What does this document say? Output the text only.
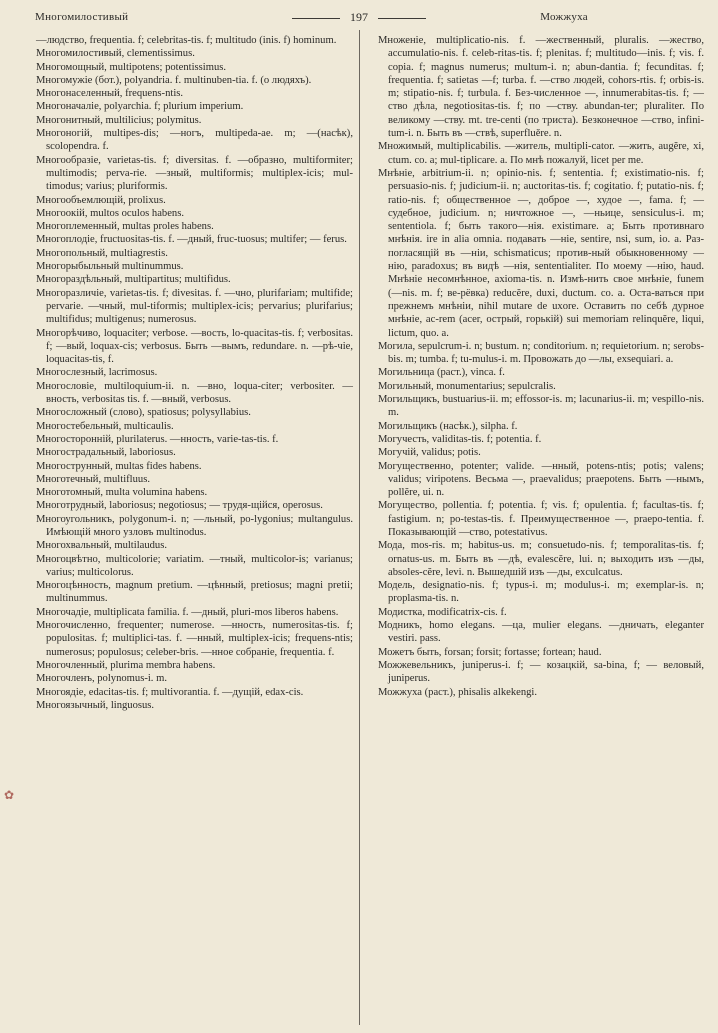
Многомилостивый	197	Можжуха

—людство, frequentia. f; celebritas-tis. f; multitudo (inis. f) hominum.

Многомилостивый, clementissimus.

Многомощный, multipotens; potentissimus.

Многомужіе (бот.), polyandria. f. multinuben-tia. f. (о людяхъ).

Многонаселенный, frequens-ntis.

Многоначаліе, polyarchia. f; plurium imperium.

Многонитный, multilicius; polymitus.

Многоногій, multipes-dis; —ногъ, multipeda-ae. m; —(насѣк), scolopendra. f.

Многообразіе, varietas-tis. f; diversitas. f. —образно, multiformiter; multimodis; perva-rie. —зный, multiformis; multiplex-icis; mul-timodus; varius; pluriformis.

Многообъемлющій, prolixus.

Многоокій, multos oculos habens.

Многоплеменный, multas proles habens.

Многоплодіе, fructuositas-tis. f. —дный, fruc-tuosus; multifer; — ferus.

Многопольный, multiagrestis.

Многорыбыльный multinummus.

Многораздѣльный, multipartitus; multifidus.

Многоразличіе, varietas-tis. f; divesitas. f. —чно, plurifariam; multifide; pervarie. —чный, mul-tiformis; multiplex-icis; pervarius; plurifarius; multifidus; multigenus; numerosus.

Многорѣчиво, loquaciter; verbose. —вость, lo-quacitas-tis. f; verbositas. f; —вый, loquax-cis; verbosus. Быть —вымъ, redundare. n. —рѣ-чіе, loquacitas-tis, f.

Многослезный, lacrimosus.

Многословіе, multiloquium-ii. n. —вно, loqua-citer; verbositer. —вность, verbositas tis. f. —вный, verbosus.

Многосложный (слово), spatiosus; polysyllabius.

Многостебельный, multicaulis.

Многосторонній, plurilaterus. —нность, varie-tas-tis. f.

Многострадальный, laboriosus.

Многострунный, multas fides habens.

Многотечный, multifluus.

Многотомный, multa volumina habens.

Многотрудный, laboriosus; negotiosus; — трудя-щійся, operosus.

Многоугольникъ, polygonum-i. n; —льный, po-lygonius; multangulus. Имѣющій много узловъ multinodus.

Многохвальный, multilaudus.

Многоцвѣтно, multicolorie; variatim. —тный, multicolor-is; varianus; varius; multicolorus.

Многоцѣнность, magnum pretium. —цѣнный, pretiosus; magni pretii; multinummus.

Многочадіе, multiplicata familia. f. —дный, pluri-mos liberos habens.

Многочисленно, frequenter; numerose. —нность, numerositas-tis. f; populositas. f; multiplici-tas. f. —нный, multiplex-icis; frequens-ntis; numerosus; populosus; celeber-bris. —нное собраніе, frequentia. f.

Многочленный, plurima membra habens.

Многочленъ, polynomus-i. m.

Многоядіе, edacitas-tis. f; multivorantia. f. —дущій, edax-cis.

Многоязычный, linguosus.

Множеніе, multiplicatio-nis. f. —жественный, pluralis. —жество, accumulatio-nis. f. celeb-ritas-tis. f; plenitas. f; multitudo—inis. f; vis. f. copia. f; magnus numerus; multum-i. n; abun-dantia. f; fecunditas. f; frequentia. f; satietas —f; turba. f. —ство людей, cohors-rtis. f; orbis-is. m; stipatio-nis. f; turbula. f. Без-численное —, innumerabitas-tis. f; —ство дѣла, negotiositas-tis. f; по —ству. abundan-ter; pluraliter. По великому —ству. mt. tre-centi (по триста). Безконечное —ство, infini-tum-i. n. Быть въ —ствѣ, superfluěre. n.

Множимый, multiplicabilis. —житель, multipli-cator. —жить, augĕre, xi, ctum. co. a; mul-tiplicare. a. По мнѣ пожалуй, licet per me.

Мнѣніе, arbitrium-ii. n; opinio-nis. f; sententia. f; existimatio-nis. f; persuasio-nis. f; judicium-ii. n; auctoritas-tis. f; cogitatio. f; putatio-nis. f; ratio-nis. f; общественное —, доброе —, худое —, fama. f; — судебное, judicium. n; ничтожное —, —ньице, sensiculus-i. m; sententiola. f; быть такого—нія. existimare. a; Быть противнаго мнѣнія. ire in alia omnia. подавать —ніе, sentire, nsi, sum, io. a. Раз-погласящій въ —ніи, schismaticus; против-ный обыкновенному —нію, paradoxus; въ видѣ —нія, sententialiter. По моему —нію, haud. Мнѣніе несомнѣнное, axioma-tis. n. Измѣ-нить свое мнѣніе, funem (—nis. m. f; ве-рёвка) reducĕre, duxi, ductum. co. a. Оста-ваться при прежнемъ мнѣніи, nihil mutare de uxore. Оставить по себѣ дурное мнѣніе, ac-rem (acer, острый, горькій) sui memoriam relinquĕre, liqui, lictum, quo. a.

Могила, sepulcrum-i. n; bustum. n; conditorium. n; requietorium. n; serobs-bis. m; tumba. f; tu-mulus-i. m. Провожать до —лы, exsequiari. a.

Могильница (раст.), vinca. f.

Могильный, monumentarius; sepulcralis.

Могильщикъ, bustuarius-ii. m; effossor-is. m; lacunarius-ii. m; vespillo-nis. m.

Могильщикъ (насѣк.), silpha. f.

Могучесть, validitas-tis. f; potentia. f.

Могучій, validus; potis.

Могущественно, potenter; valide. —нный, potens-ntis; potis; valens; validus; viripotens. Весьма —, praevalidus; praepotens. Быть —нымъ, pollĕre, ui. n.

Могущество, pollentia. f; potentia. f; vis. f; opulentia. f; facultas-tis. f; fastigium. n; po-testas-tis. f. Преимущественное —, praepo-tentia. f. Показывающій —ство, potestativus.

Мода, mos-ris. m; habitus-us. m; consuetudo-nis. f; temporalitas-tis. f; ornatus-us. m. Быть въ —дѣ, evalescĕre, lui. n; выходить изъ —ды, absoles-cĕre, levi. n. Вышедшій изъ —ды, exculcatus.

Модель, designatio-nis. f; typus-i. m; modulus-i. m; exemplar-is. n; proplasma-tis. n.

Модистка, modificatrix-cis. f.

Модникъ, homo elegans. —ца, mulier elegans. —дничать, eleganter vestiri. pass.

Можетъ быть, forsan; forsit; fortasse; fortean; haud.

Можжевельникъ, juniperus-i. f; — козацкій, sa-bina, f; — веловый, juniperus.

Можжуха (раст.), phisalis alkekengi.

✿
